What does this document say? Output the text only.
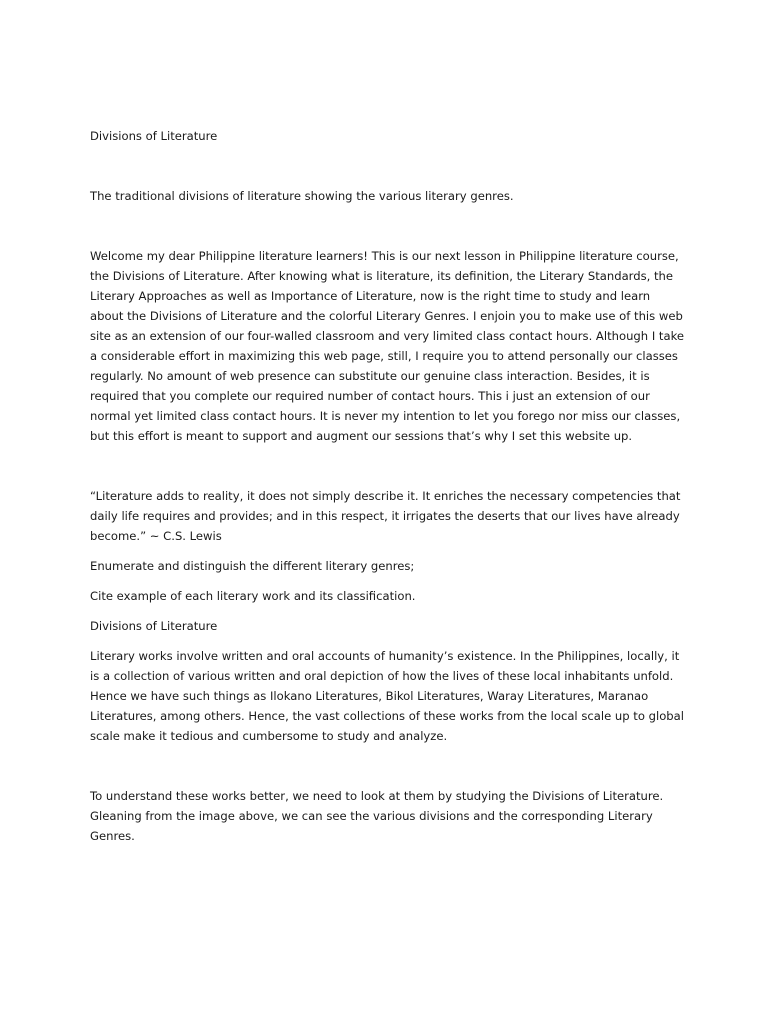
Divisions of Literature

The traditional divisions of literature showing the various literary genres.

Welcome my dear Philippine literature learners! This is our next lesson in Philippine literature course, the Divisions of Literature. After knowing what is literature, its definition, the Literary Standards, the Literary Approaches as well as Importance of Literature, now is the right time to study and learn about the Divisions of Literature and the colorful Literary Genres. I enjoin you to make use of this web site as an extension of our four-walled classroom and very limited class contact hours. Although I take a considerable effort in maximizing this web page, still, I require you to attend personally our classes regularly. No amount of web presence can substitute our genuine class interaction. Besides, it is required that you complete our required number of contact hours. This i just an extension of our normal yet limited class contact hours. It is never my intention to let you forego nor miss our classes, but this effort is meant to support and augment our sessions that’s why I set this website up.

“Literature adds to reality, it does not simply describe it. It enriches the necessary competencies that daily life requires and provides; and in this respect, it irrigates the deserts that our lives have already become.” ~ C.S. Lewis

Enumerate and distinguish the different literary genres;

Cite example of each literary work and its classification.

Divisions of Literature

Literary works involve written and oral accounts of humanity’s existence. In the Philippines, locally, it is a collection of various written and oral depiction of how the lives of these local inhabitants unfold. Hence we have such things as Ilokano Literatures, Bikol Literatures, Waray Literatures, Maranao Literatures, among others. Hence, the vast collections of these works from the local scale up to global scale make it tedious and cumbersome to study and analyze.

To understand these works better, we need to look at them by studying the Divisions of Literature. Gleaning from the image above, we can see the various divisions and the corresponding Literary Genres.
